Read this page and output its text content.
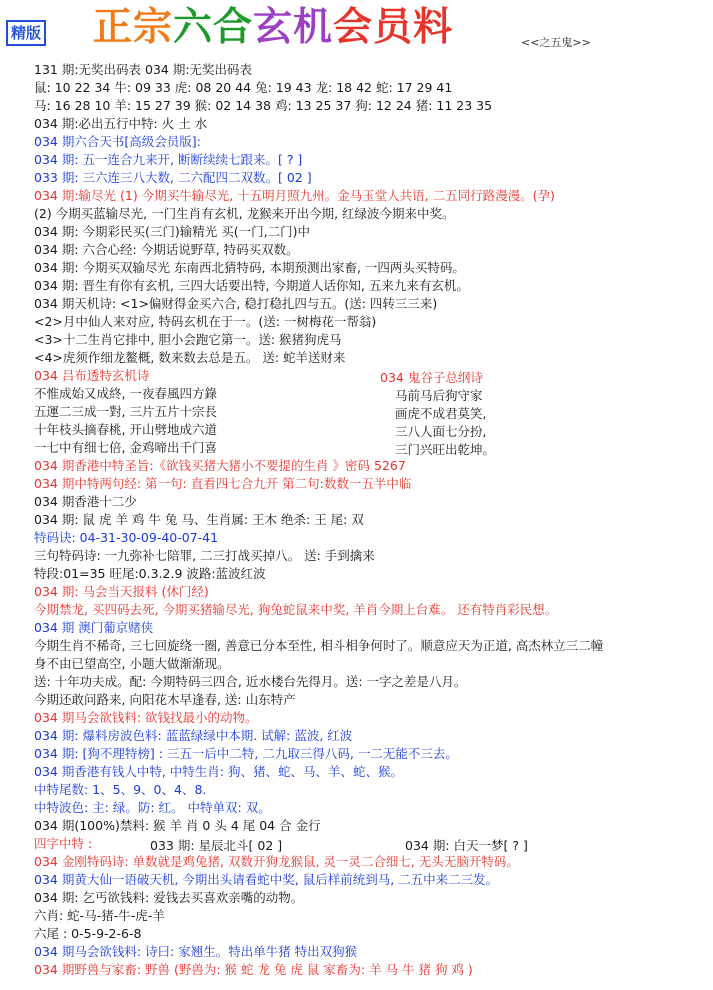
精版 正宗六合玄机会员料	<<之五鬼>>
131 期:无奖出码表 034 期:无奖出码表
鼠: 10 22 34 牛: 09 33 虎: 08 20 44 兔: 19 43 龙: 18 42 蛇: 17 29 41
马: 16 28 10 羊: 15 27 39 猴: 02 14 38 鸡: 13 25 37 狗: 12 24 猪: 11 23 35
034 期:必出五行中特: 火 土 水
034 期六合天书[高级会员版]:
034 期: 五一连合九来开, 断断续续七跟来。[ ? ]
033 期: 三六连三八大数, 二六配四二双数。[ 02 ]
034 期:输尽光 (1) 今期买牛输尽光, 十五明月照九州。金马玉堂人共语, 二五同行路漫漫。(孕)
(2) 今期买蓝输尽光, 一门生肖有玄机, 龙猴来开出今期, 红绿波今期来中奖。
034 期: 今期彩民买(三门)输精光 买(一门,二门)中
034 期: 六合心经: 今期话说野草, 特码买双数。
034 期: 今期买双输尽光 东南西北猜特码, 本期预测出家畜, 一四两头买特码。
034 期: 晋生有你有玄机, 三四大话要出特, 今期道人话你知, 五来九来有玄机。
034 期天机诗: <1>偏财得金买六合, 稳打稳扎四与五。(送: 四转三三来)
<2>月中仙人来对应, 特码玄机在于一。(送: 一树梅花一帮翁)
<3>十二生肖它排中, 胆小会跑它第一。送: 猴猪狗虎马
<4>虎须作细龙鳌概, 数来数去总是五。 送: 蛇羊送财来
034 吕布透特玄机诗	034 鬼谷子总纲诗
不惟成始又成終, 一夜春風四方錄	马前马后狗守家
五運二三成一對, 三片五片十宗長	画虎不成君莫笑,
十年枝头摘春桃, 开山劈地成六道	三八人面七分扮,
一七中有细七倍, 金鸡啼出千门喜	三门兴旺出乾坤。
034 期香港中特圣旨:《欲钱买猪大猪小不要提的生肖 》密码 5267
034 期中特两句经: 第一句: 直看四七合九开 第二句:数数一五半中临
034 期香港十二少
034 期: 鼠 虎 羊 鸡 牛 兔 马、生肖属: 王木 绝杀: 王 尾: 双
特码诀: 04-31-30-09-40-07-41
三句特码诗: 一九弥补七陪罪, 二三打战买掉八。 送: 手到擒来
特段:01=35 旺尾:0.3.2.9 波路:蓝波红波
034 期: 马会当天报料 (休门经)
今期禁龙, 买四码去死, 今期买猪输尽光, 狗兔蛇鼠来中奖, 羊肖今期上台难。 还有特肖彩民想。
034 期 澳门葡京赌侠
今期生肖不稀奇, 三七回旋绕一圈, 善意已分本至性, 相斗相争何时了。顺意应天为正道, 高杰林立三二幢
身不由已望高空, 小题大做渐渐现。
送: 十年功夫成。配: 今期特码三四合, 近水楼台先得月。送: 一字之差是八月。
今期还敢问路来, 向阳花木早逢春, 送: 山东特产
034 期马会欲钱料: 欲钱找最小的动物。
034 期: 爆料房波色料: 蓝蓝绿绿中本期. 试解: 蓝波, 红波
034 期: [狗不理特榜] : 三五一后中二特, 二九取三得八码, 一二无能不三去。
034 期香港有钱人中特, 中特生肖: 狗、猪、蛇、马、羊、蛇、猴。
中特尾数: 1、5、9、0、4、8.
中特波色: 主: 绿。防: 红。 中特单双: 双。
034 期(100%)禁料: 猴 羊 肖 0 头 4 尾 04 合 金行
四字中特 :	033 期: 星辰北斗[ 02 ]	034 期: 白天一梦[ ? ]
034 金刚特码诗: 单数就是鸡兔猪, 双数开狗龙猴鼠, 灵一灵二合细七, 无头无脑开特码。
034 期黄大仙一语破天机, 今期出头请看蛇中奖, 鼠后样前统到马, 二五中来二三发。
034 期: 乞丐欲钱料: 爱钱去买喜欢亲嘴的动物。
六肖: 蛇-马-猪-牛-虎-羊
六尾 : 0-5-9-2-6-8
034 期马会欲钱料: 诗曰: 家翘生。特出单牛猪 特出双狗猴
034 期野兽与家畜: 野兽 (野兽为: 猴 蛇 龙 兔 虎 鼠 家畜为: 羊 马 牛 猪 狗 鸡 )
